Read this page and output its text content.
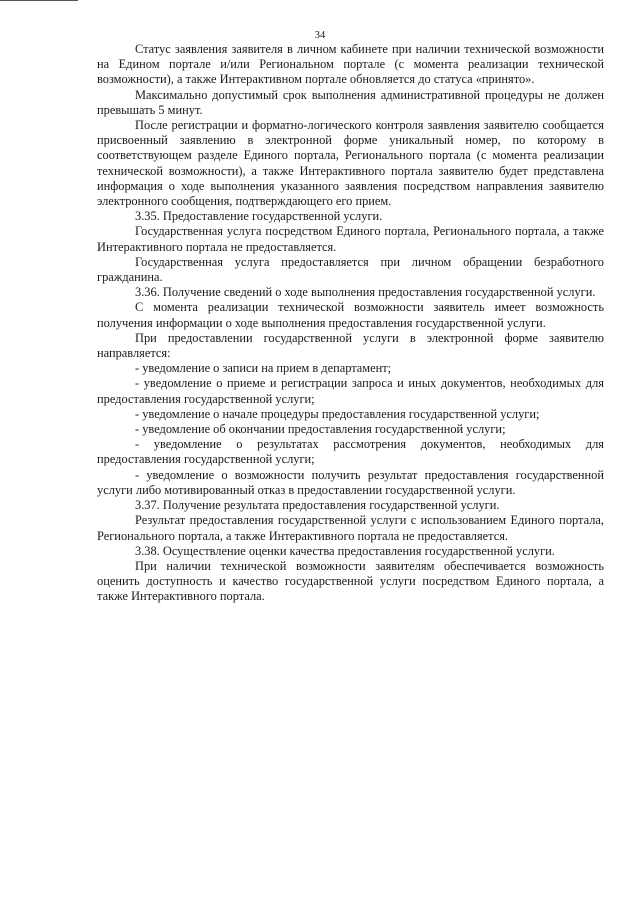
34

Статус заявления заявителя в личном кабинете при наличии технической возможности на Едином портале и/или Региональном портале (с момента реализации технической возможности), а также Интерактивном портале обновляется до статуса «принято».

Максимально допустимый срок выполнения административной процедуры не должен превышать 5 минут.

После регистрации и форматно-логического контроля заявления заявителю сообщается присвоенный заявлению в электронной форме уникальный номер, по которому в соответствующем разделе Единого портала, Регионального портала (с момента реализации технической возможности), а также Интерактивного портала заявителю будет представлена информация о ходе выполнения указанного заявления посредством направления заявителю электронного сообщения, подтверждающего его прием.

3.35. Предоставление государственной услуги.

Государственная услуга посредством Единого портала, Регионального портала, а также Интерактивного портала не предоставляется.

Государственная услуга предоставляется при личном обращении безработного гражданина.

3.36. Получение сведений о ходе выполнения предоставления государственной услуги.

С момента реализации технической возможности заявитель имеет возможность получения информации о ходе выполнения предоставления государственной услуги.

При предоставлении государственной услуги в электронной форме заявителю направляется:

- уведомление о записи на прием в департамент;

- уведомление о приеме и регистрации запроса и иных документов, необходимых для предоставления государственной услуги;

- уведомление о начале процедуры предоставления государственной услуги;

- уведомление об окончании предоставления государственной услуги;

- уведомление о результатах рассмотрения документов, необходимых для предоставления государственной услуги;

- уведомление о возможности получить результат предоставления государственной услуги либо мотивированный отказ в предоставлении государственной услуги.

3.37. Получение результата предоставления государственной услуги.

Результат предоставления государственной услуги с использованием Единого портала, Регионального портала, а также Интерактивного портала не предоставляется.

3.38. Осуществление оценки качества предоставления государственной услуги.

При наличии технической возможности заявителям обеспечивается возможность оценить доступность и качество государственной услуги посредством Единого портала, а также Интерактивного портала.
